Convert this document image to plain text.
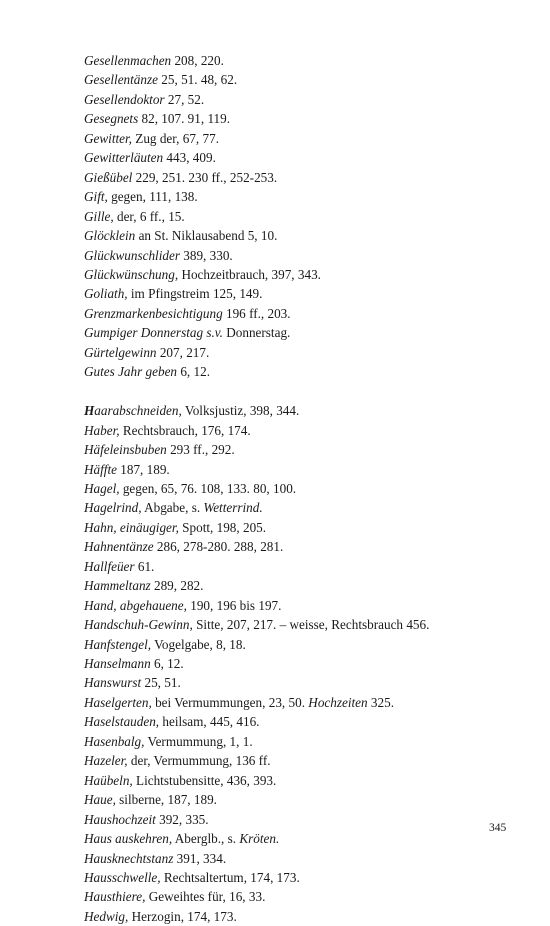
Gesellenmachen 208, 220.
Gesellentänze 25, 51. 48, 62.
Gesellendoktor 27, 52.
Gesegnets 82, 107. 91, 119.
Gewitter, Zug der, 67, 77.
Gewitterläuten 443, 409.
Gießübel 229, 251. 230 ff., 252-253.
Gift, gegen, 111, 138.
Gille, der, 6 ff., 15.
Glöcklein an St. Niklausabend 5, 10.
Glückwunschlider 389, 330.
Glückwünschung, Hochzeitbrauch, 397, 343.
Goliath, im Pfingstreim 125, 149.
Grenzmarkenbesichtigung 196 ff., 203.
Gumpiger Donnerstag s.v. Donnerstag.
Gürtelgewinn 207, 217.
Gutes Jahr geben 6, 12.
Haarabschneiden, Volksjustiz, 398, 344.
Haber, Rechtsbrauch, 176, 174.
Häfeleinsbuben 293 ff., 292.
Häffte 187, 189.
Hagel, gegen, 65, 76. 108, 133. 80, 100.
Hagelrind, Abgabe, s. Wetterrind.
Hahn, einäugiger, Spott, 198, 205.
Hahnentänze 286, 278-280. 288, 281.
Hallfeüer 61.
Hammeltanz 289, 282.
Hand, abgehauene, 190, 196 bis 197.
Handschuh-Gewinn, Sitte, 207, 217. – weisse, Rechtsbrauch 456.
Hanfstengel, Vogelgabe, 8, 18.
Hanselmann 6, 12.
Hanswurst 25, 51.
Haselgerten, bei Vermummungen, 23, 50. Hochzeiten 325.
Haselstauden, heilsam, 445, 416.
Hasenbalg, Vermummung, 1, 1.
Hazeler, der, Vermummung, 136 ff.
Haübeln, Lichtstubensitte, 436, 393.
Haue, silberne, 187, 189.
Haushochzeit 392, 335.
Haus auskehren, Aberglb., s. Kröten.
Hausknechtstanz 391, 334.
Hausschwelle, Rechtsaltertum, 174, 173.
Hausthiere, Geweihtes für, 16, 33.
Hedwig, Herzogin, 174, 173.
345
